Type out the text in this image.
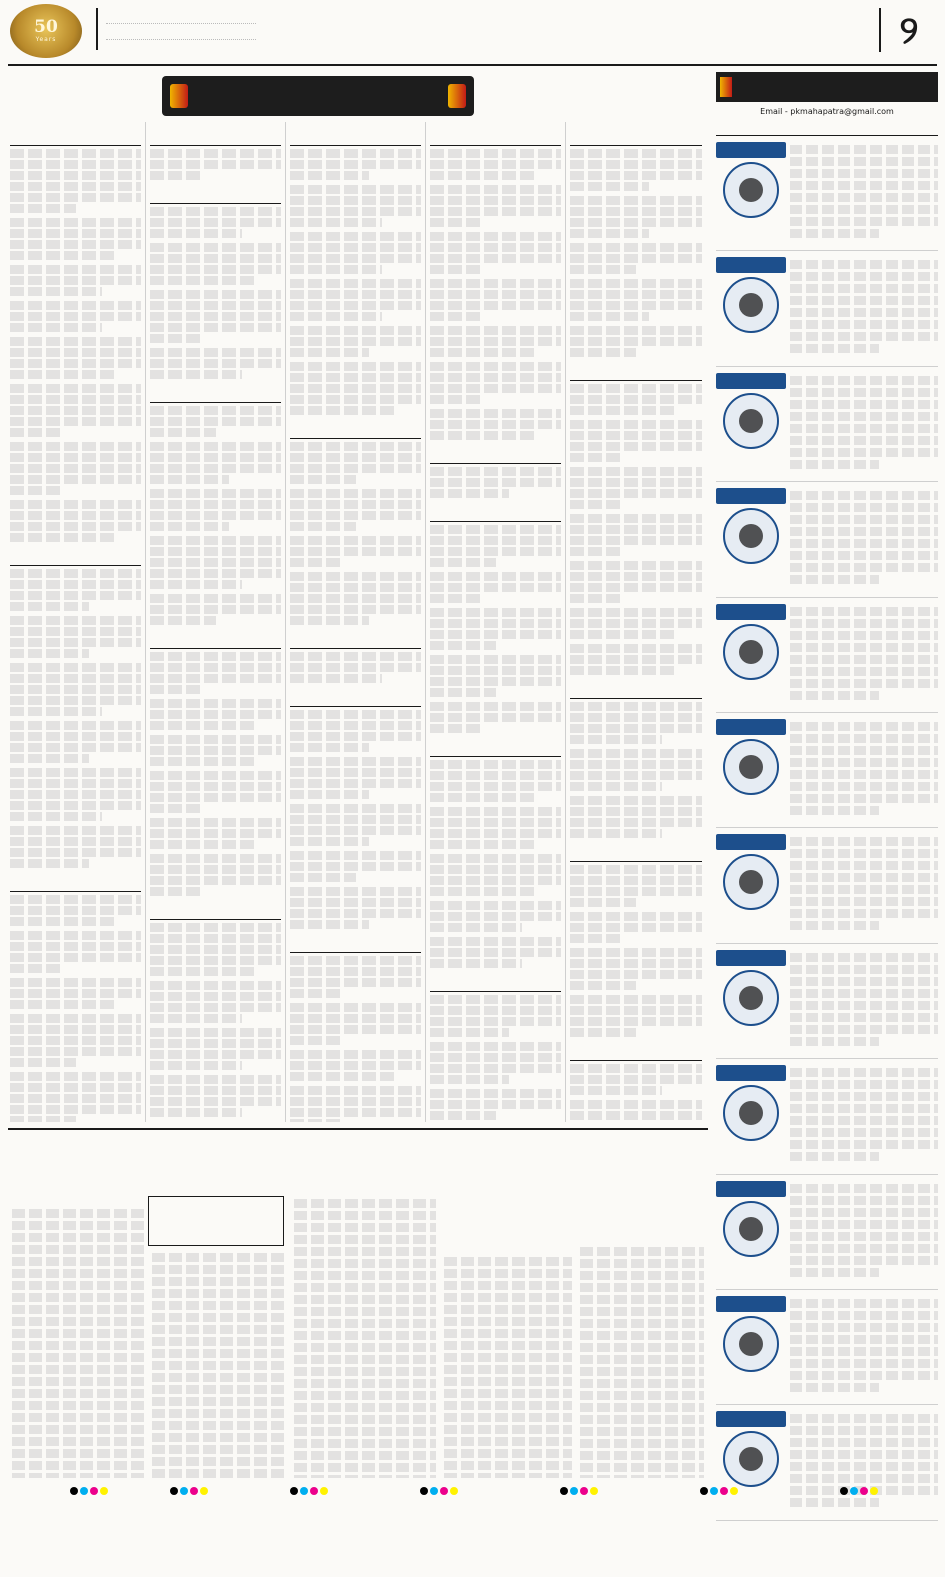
50
Years	୨
Email - pkmahapatra@gmail.com
